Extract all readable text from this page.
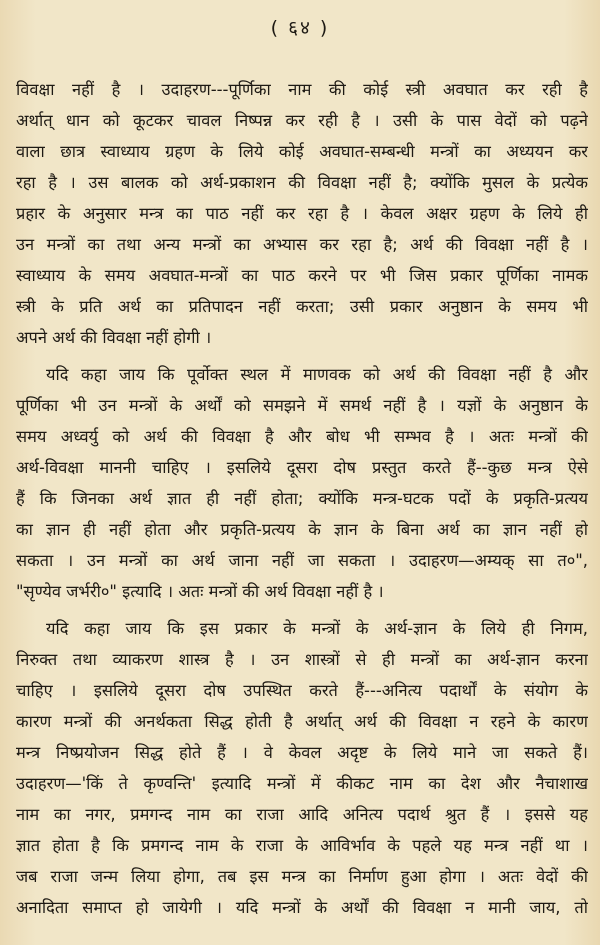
( ६४ )
विवक्षा नहीं है । उदाहरण---पूर्णिका नाम की कोई स्त्री अवघात कर रही है
अर्थात् धान को कूटकर चावल निष्पन्न कर रही है । उसी के पास वेदों को पढ़ने
वाला छात्र स्वाध्याय ग्रहण के लिये कोई अवघात-सम्बन्धी मन्त्रों का अध्ययन कर
रहा है । उस बालक को अर्थ-प्रकाशन की विवक्षा नहीं है; क्योंकि मुसल के प्रत्येक
प्रहार के अनुसार मन्त्र का पाठ नहीं कर रहा है । केवल अक्षर ग्रहण के लिये ही
उन मन्त्रों का तथा अन्य मन्त्रों का अभ्यास कर रहा है; अर्थ की विवक्षा नहीं है ।
स्वाध्याय के समय अवघात-मन्त्रों का पाठ करने पर भी जिस प्रकार पूर्णिका नामक
स्त्री के प्रति अर्थ का प्रतिपादन नहीं करता; उसी प्रकार अनुष्ठान के समय भी
अपने अर्थ की विवक्षा नहीं होगी ।
यदि कहा जाय कि पूर्वोक्त स्थल में माणवक को अर्थ की विवक्षा नहीं है और
पूर्णिका भी उन मन्त्रों के अर्थों को समझने में समर्थ नहीं है । यज्ञों के अनुष्ठान के
समय अध्वर्यु को अर्थ की विवक्षा है और बोध भी सम्भव है । अतः मन्त्रों की
अर्थ-विवक्षा माननी चाहिए । इसलिये दूसरा दोष प्रस्तुत करते हैं--कुछ मन्त्र ऐसे
हैं कि जिनका अर्थ ज्ञात ही नहीं होता; क्योंकि मन्त्र-घटक पदों के प्रकृति-प्रत्यय
का ज्ञान ही नहीं होता और प्रकृति-प्रत्यय के ज्ञान के बिना अर्थ का ज्ञान नहीं हो
सकता । उन मन्त्रों का अर्थ जाना नहीं जा सकता । उदाहरण—अम्यक् सा त०",
"सृण्येव जर्भरी०" इत्यादि । अतः मन्त्रों की अर्थ विवक्षा नहीं है ।
यदि कहा जाय कि इस प्रकार के मन्त्रों के अर्थ-ज्ञान के लिये ही निगम,
निरुक्त तथा व्याकरण शास्त्र है । उन शास्त्रों से ही मन्त्रों का अर्थ-ज्ञान करना
चाहिए । इसलिये दूसरा दोष उपस्थित करते हैं---अनित्य पदार्थों के संयोग के
कारण मन्त्रों की अनर्थकता सिद्ध होती है अर्थात् अर्थ की विवक्षा न रहने के कारण
मन्त्र निष्प्रयोजन सिद्ध होते हैं । वे केवल अदृष्ट के लिये माने जा सकते हैं।
उदाहरण—'किं ते कृण्वन्ति' इत्यादि मन्त्रों में कीकट नाम का देश और नैचाशाख
नाम का नगर, प्रमगन्द नाम का राजा आदि अनित्य पदार्थ श्रुत हैं । इससे यह
ज्ञात होता है कि प्रमगन्द नाम के राजा के आविर्भाव के पहले यह मन्त्र नहीं था ।
जब राजा जन्म लिया होगा, तब इस मन्त्र का निर्माण हुआ होगा । अतः वेदों की
अनादिता समाप्त हो जायेगी । यदि मन्त्रों के अर्थों की विवक्षा न मानी जाय, तो
